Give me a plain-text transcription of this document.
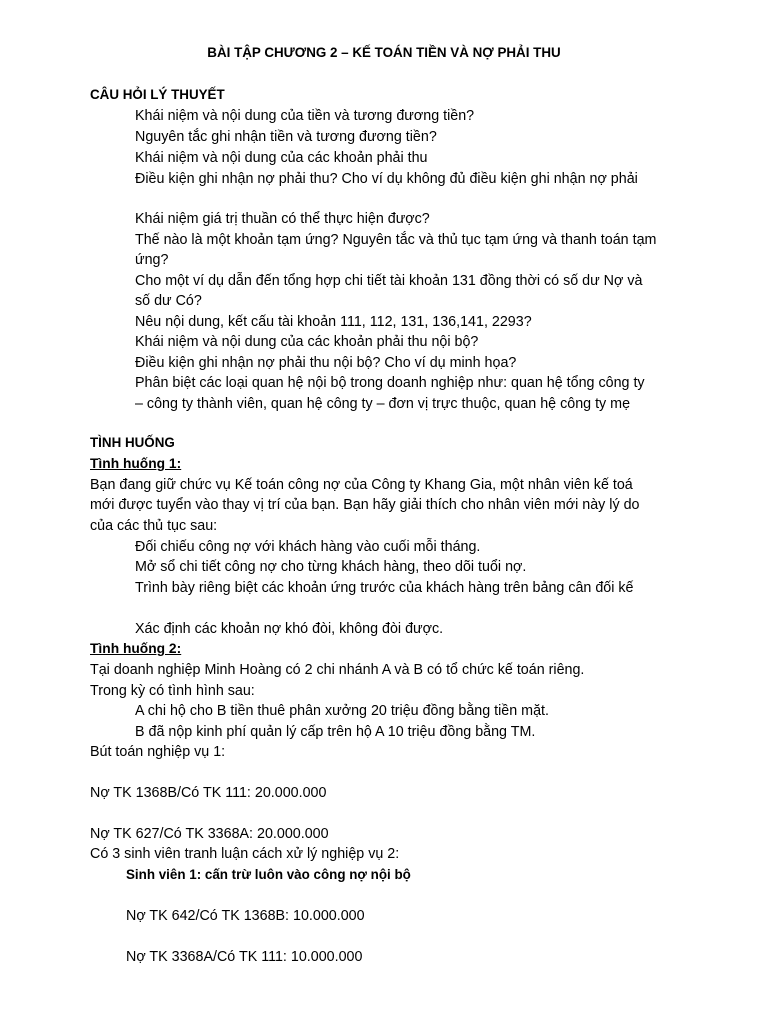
BÀI TẬP CHƯƠNG 2 – KẾ TOÁN TIỀN VÀ NỢ PHẢI THU
CÂU HỎI LÝ THUYẾT
Khái niệm và nội dung của tiền và tương đương tiền?
Nguyên tắc ghi nhận tiền và tương đương tiền?
Khái niệm và nội dung của các khoản phải thu
Điều kiện ghi nhận nợ phải thu? Cho ví dụ không đủ điều kiện ghi nhận nợ phải
Khái niệm giá trị thuần có thể thực hiện được?
Thế nào là một khoản tạm ứng? Nguyên tắc và thủ tục tạm ứng và thanh toán tạm
ứng?
Cho một ví dụ dẫn đến tổng hợp chi tiết tài khoản 131 đồng thời có số dư Nợ và
số dư Có?
Nêu nội dung, kết cấu tài khoản 111, 112, 131, 136,141, 2293?
Khái niệm và nội dung của các khoản phải thu nội bộ?
Điều kiện ghi nhận nợ phải thu nội bộ? Cho ví dụ minh họa?
Phân biệt các loại quan hệ nội bộ trong doanh nghiệp như: quan hệ tổng công ty
– công ty thành viên, quan hệ công ty – đơn vị trực thuộc, quan hệ công ty mẹ
TÌNH HUỐNG
Tình huống 1:
Bạn đang giữ chức vụ Kế toán công nợ của Công ty Khang Gia, một nhân viên kế toá
mới được tuyển vào thay vị trí của bạn. Bạn hãy giải thích cho nhân viên mới này lý do
của các thủ tục sau:
Đối chiếu công nợ với khách hàng vào cuối mỗi tháng.
Mở sổ chi tiết công nợ cho từng khách hàng, theo dõi tuổi nợ.
Trình bày riêng biệt các khoản ứng trước của khách hàng trên bảng cân đối kế
Xác định các khoản nợ khó đòi, không đòi được.
Tình huống 2:
Tại doanh nghiệp Minh Hoàng có 2 chi nhánh A và B có tổ chức kế toán riêng.
Trong kỳ có tình hình sau:
A chi hộ cho B tiền thuê phân xưởng 20 triệu đồng bằng tiền mặt.
B đã nộp kinh phí quản lý cấp trên hộ A 10 triệu đồng bằng TM.
Bút toán nghiệp vụ 1:
Nợ TK 1368B/Có TK 111: 20.000.000
Nợ TK 627/Có TK 3368A: 20.000.000
Có 3 sinh viên tranh luận cách xử lý nghiệp vụ 2:
Sinh viên 1: cấn trừ luôn vào công nợ nội bộ
Nợ TK 642/Có TK 1368B: 10.000.000
Nợ TK 3368A/Có TK 111: 10.000.000
